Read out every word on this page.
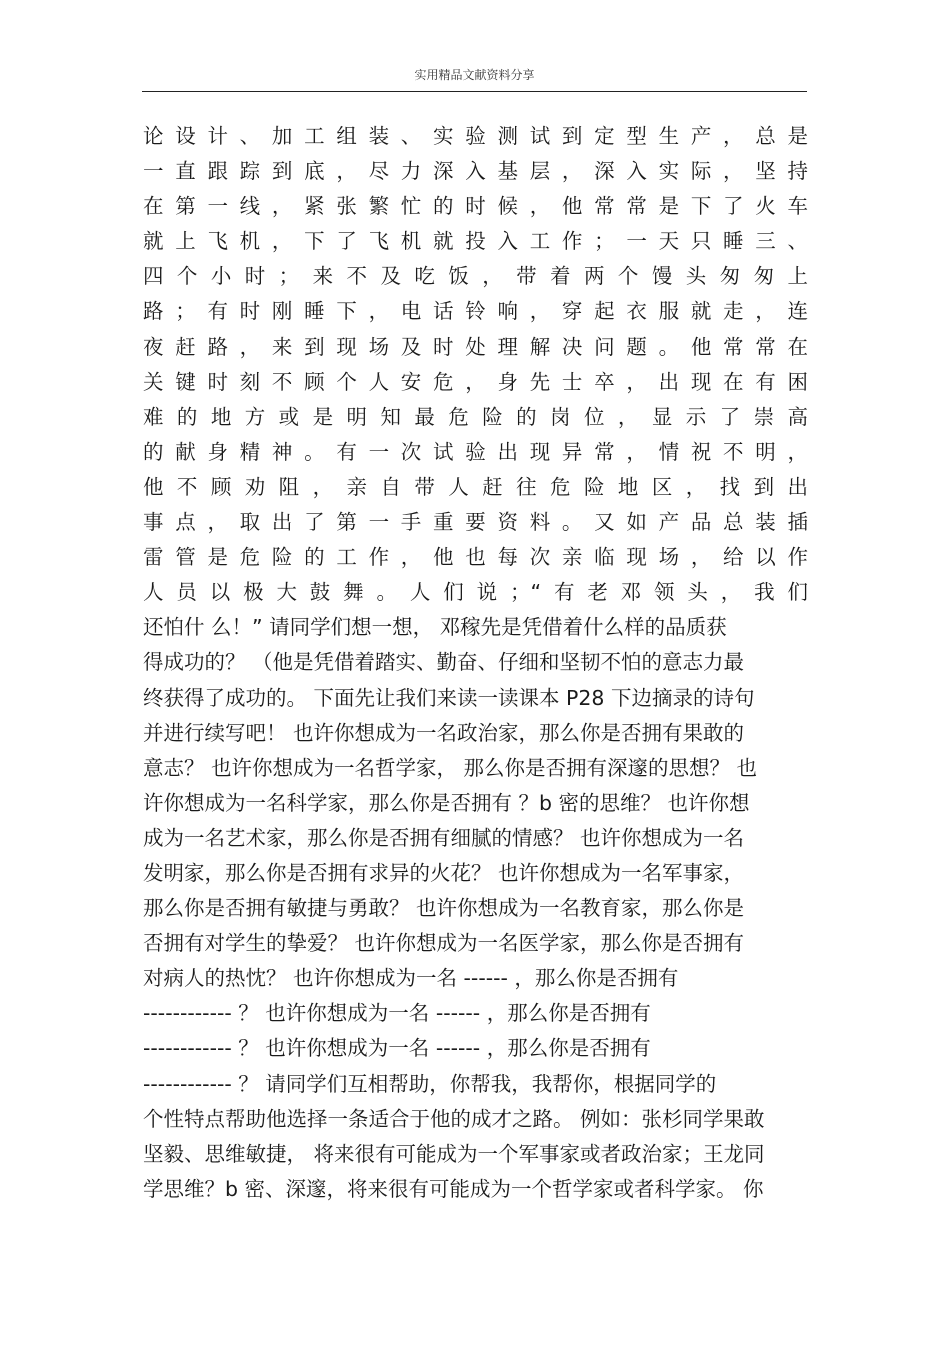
实用精品文献资料分享
论设计、加工组装、实验测试到定型生产，总是
一直跟踪到底，尽力深入基层，深入实际，坚持
在第一线，紧张繁忙的时候，他常常是下了火车
就上飞机，下了飞机就投入工作；一天只睡三、
四个小时；来不及吃饭，带着两个馒头匆匆上
路；有时刚睡下，电话铃响，穿起衣服就走，连
夜赶路，来到现场及时处理解决问题。他常常在
关键时刻不顾个人安危，身先士卒，出现在有困
难的地方或是明知最危险的岗位，显示了崇高
的献身精神。有一次试验出现异常，情祝不明，
他不顾劝阻，亲自带人赶往危险地区，找到出
事点，取出了第一手重要资料。又如产品总装插
雷管是危险的工作，他也每次亲临现场，给以作
人员以极大鼓舞。人们说；“有老邓领头，我们
还怕什 么！” 请同学们想一想， 邓稼先是凭借着什么样的品质获
得成功的？ （他是凭借着踏实、勤奋、仔细和坚韧不怕的意志力最
终获得了成功的。 下面先让我们来读一读课本 P28 下边摘录的诗句
并进行续写吧！ 也许你想成为一名政治家，那么你是否拥有果敢的
意志？ 也许你想成为一名哲学家， 那么你是否拥有深邃的思想？ 也
许你想成为一名科学家，那么你是否拥有 ？b 密的思维？ 也许你想
成为一名艺术家，那么你是否拥有细腻的情感？ 也许你想成为一名
发明家，那么你是否拥有求异的火花？ 也许你想成为一名军事家，
那么你是否拥有敏捷与勇敢？ 也许你想成为一名教育家，那么你是
否拥有对学生的挚爱？ 也许你想成为一名医学家，那么你是否拥有
对病人的热忱？ 也许你想成为一名 ------ ，那么你是否拥有
------------ ？ 也许你想成为一名 ------ ，那么你是否拥有
------------ ？ 也许你想成为一名 ------ ，那么你是否拥有
------------ ？ 请同学们互相帮助，你帮我，我帮你，根据同学的
个性特点帮助他选择一条适合于他的成才之路。 例如：张杉同学果敢
坚毅、思维敏捷， 将来很有可能成为一个军事家或者政治家；王龙同
学思维？b 密、深邃，将来很有可能成为一个哲学家或者科学家。 你
